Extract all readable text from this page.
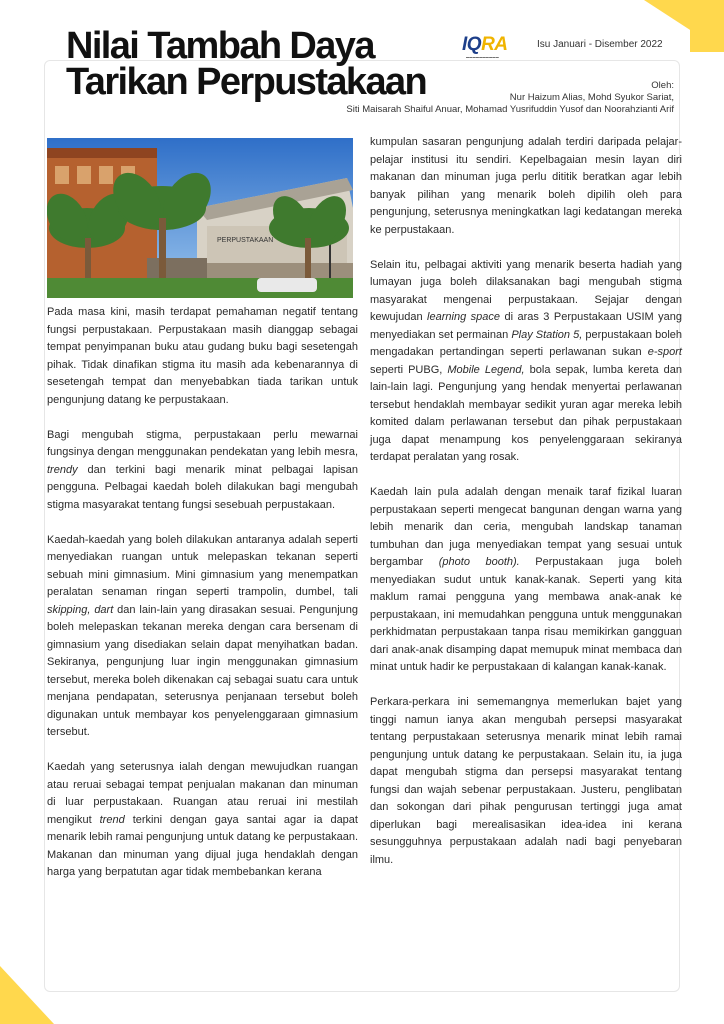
Nilai Tambah Daya
Tarikan Perpustakaan
IQRA
▬▬▬▬▬▬▬▬▬▬
Isu Januari - Disember 2022
Oleh:
Nur Haizum Alias, Mohd Syukor Sariat,
Siti Maisarah Shaiful Anuar, Mohamad Yusrifuddin Yusof dan Noorahzianti Arif
PERPUSTAKAAN

Pada masa kini, masih terdapat pemahaman negatif tentang fungsi perpustakaan. Perpustakaan masih dianggap sebagai tempat penyimpanan buku atau gudang buku bagi sesetengah pihak. Tidak dinafikan stigma itu masih ada kebenarannya di sesetengah tempat dan menyebabkan tiada tarikan untuk pengunjung datang ke perpustakaan.

Bagi mengubah stigma, perpustakaan perlu mewarnai fungsinya dengan menggunakan pendekatan yang lebih mesra, trendy dan terkini bagi menarik minat pelbagai lapisan pengguna. Pelbagai kaedah boleh dilakukan bagi mengubah stigma masyarakat tentang fungsi sesebuah perpustakaan.

Kaedah-kaedah yang boleh dilakukan antaranya adalah seperti menyediakan ruangan untuk melepaskan tekanan seperti sebuah mini gimnasium. Mini gimnasium yang menempatkan peralatan senaman ringan seperti trampolin, dumbel, tali skipping, dart dan lain-lain yang dirasakan sesuai. Pengunjung boleh melepaskan tekanan mereka dengan cara bersenam di gimnasium yang disediakan selain dapat menyihatkan badan. Sekiranya, pengunjung luar ingin menggunakan gimnasium tersebut, mereka boleh dikenakan caj sebagai suatu cara untuk menjana pendapatan, seterusnya penjanaan tersebut boleh digunakan untuk membayar kos penyelenggaraan gimnasium tersebut.

Kaedah yang seterusnya ialah dengan mewujudkan ruangan atau reruai sebagai tempat penjualan makanan dan minuman di luar perpustakaan. Ruangan atau reruai ini mestilah mengikut trend terkini dengan gaya santai agar ia dapat menarik lebih ramai pengunjung untuk datang ke perpustakaan. Makanan dan minuman yang dijual juga hendaklah dengan harga yang berpatutan agar tidak membebankan kerana

kumpulan sasaran pengunjung adalah terdiri daripada pelajar-pelajar institusi itu sendiri. Kepelbagaian mesin layan diri makanan dan minuman juga perlu dititik beratkan agar lebih banyak pilihan yang menarik boleh dipilih oleh para pengunjung, seterusnya meningkatkan lagi kedatangan mereka ke perpustakaan.

Selain itu, pelbagai aktiviti yang menarik beserta hadiah yang lumayan juga boleh dilaksanakan bagi mengubah stigma masyarakat mengenai perpustakaan. Sejajar dengan kewujudan learning space di aras 3 Perpustakaan USIM yang menyediakan set permainan Play Station 5, perpustakaan boleh mengadakan pertandingan seperti perlawanan sukan e-sport seperti PUBG, Mobile Legend, bola sepak, lumba kereta dan lain-lain lagi. Pengunjung yang hendak menyertai perlawanan tersebut hendaklah membayar sedikit yuran agar mereka lebih komited dalam perlawanan tersebut dan pihak perpustakaan juga dapat menampung kos penyelenggaraan sekiranya terdapat peralatan yang rosak.

Kaedah lain pula adalah dengan menaik taraf fizikal luaran perpustakaan seperti mengecat bangunan dengan warna yang lebih menarik dan ceria, mengubah landskap tanaman tumbuhan dan juga menyediakan tempat yang sesuai untuk bergambar (photo booth). Perpustakaan juga boleh menyediakan sudut untuk kanak-kanak. Seperti yang kita maklum ramai pengguna yang membawa anak-anak ke perpustakaan, ini memudahkan pengguna untuk menggunakan perkhidmatan perpustakaan tanpa risau memikirkan gangguan dari anak-anak disamping dapat memupuk minat membaca dan minat untuk hadir ke perpustakaan di kalangan kanak-kanak.

Perkara-perkara ini sememangnya memerlukan bajet yang tinggi namun ianya akan mengubah persepsi masyarakat tentang perpustakaan seterusnya menarik minat lebih ramai pengunjung untuk datang ke perpustakaan. Selain itu, ia juga dapat mengubah stigma dan persepsi masyarakat tentang fungsi dan wajah sebenar perpustakaan. Justeru, penglibatan dan sokongan dari pihak pengurusan tertinggi juga amat diperlukan bagi merealisasikan idea-idea ini kerana sesungguhnya perpustakaan adalah nadi bagi penyebaran ilmu.
